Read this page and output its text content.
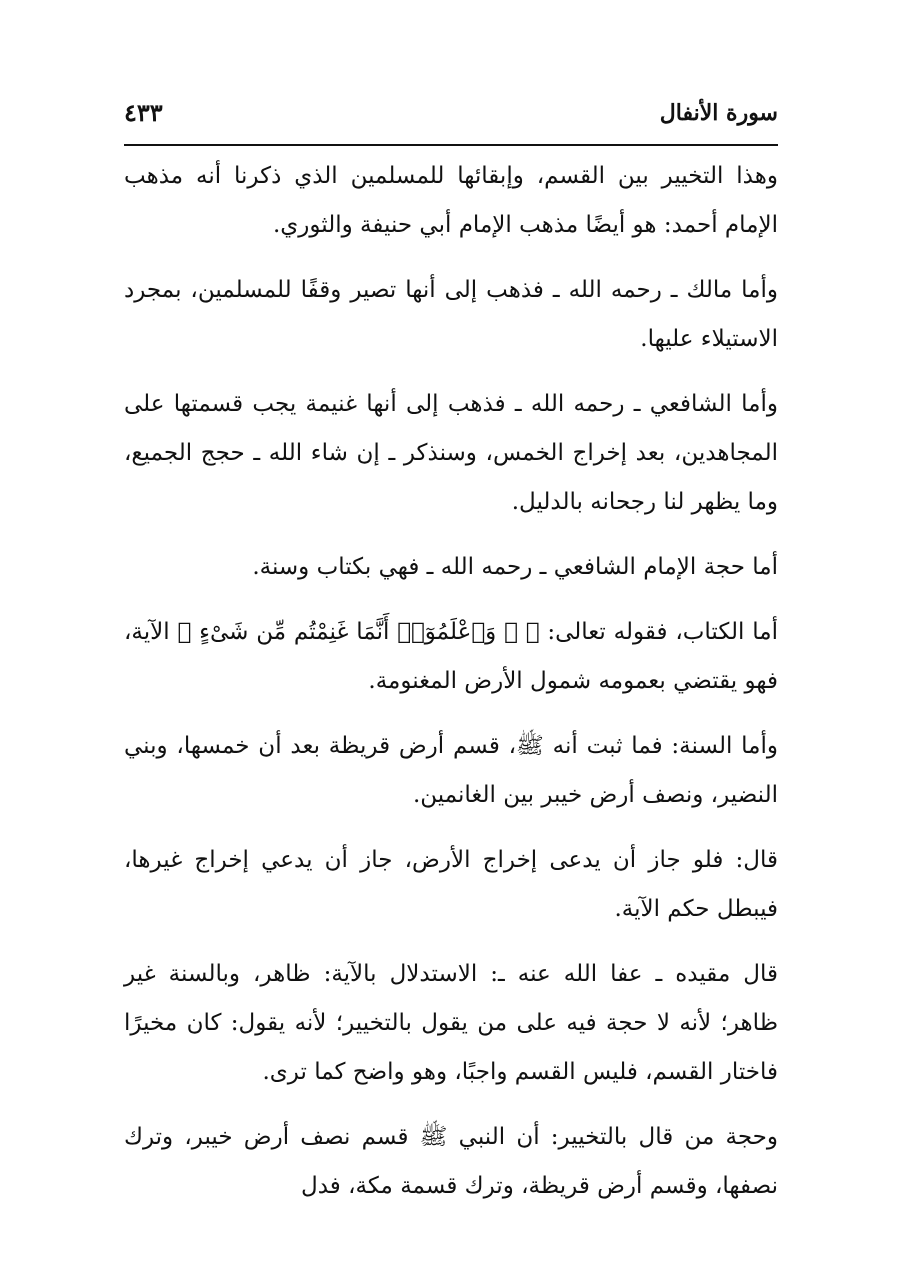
سورة الأنفال
٤٣٣

وهذا التخيير بين القسم، وإبقائها للمسلمين الذي ذكرنا أنه مذهب الإمام أحمد: هو أيضًا مذهب الإمام أبي حنيفة والثوري.

وأما مالك ـ رحمه الله ـ فذهب إلى أنها تصير وقفًا للمسلمين، بمجرد الاستيلاء عليها.

وأما الشافعي ـ رحمه الله ـ فذهب إلى أنها غنيمة يجب قسمتها على المجاهدين، بعد إخراج الخمس، وسنذكر ـ إن شاء الله ـ حجج الجميع، وما يظهر لنا رجحانه بالدليل.

أما حجة الإمام الشافعي ـ رحمه الله ـ فهي بكتاب وسنة.

أما الكتاب، فقوله تعالى: ﴿ ۞ وَٱعْلَمُوٓا۟ أَنَّمَا غَنِمْتُم مِّن شَىْءٍ ﴾ الآية، فهو يقتضي بعمومه شمول الأرض المغنومة.

وأما السنة: فما ثبت أنه ﷺ، قسم أرض قريظة بعد أن خمسها، وبني النضير، ونصف أرض خيبر بين الغانمين.

قال: فلو جاز أن يدعى إخراج الأرض، جاز أن يدعي إخراج غيرها، فيبطل حكم الآية.

قال مقيده ـ عفا الله عنه ـ: الاستدلال بالآية: ظاهر، وبالسنة غير ظاهر؛ لأنه لا حجة فيه على من يقول بالتخيير؛ لأنه يقول: كان مخيرًا فاختار القسم، فليس القسم واجبًا، وهو واضح كما ترى.

وحجة من قال بالتخيير: أن النبي ﷺ قسم نصف أرض خيبر، وترك نصفها، وقسم أرض قريظة، وترك قسمة مكة، فدل
